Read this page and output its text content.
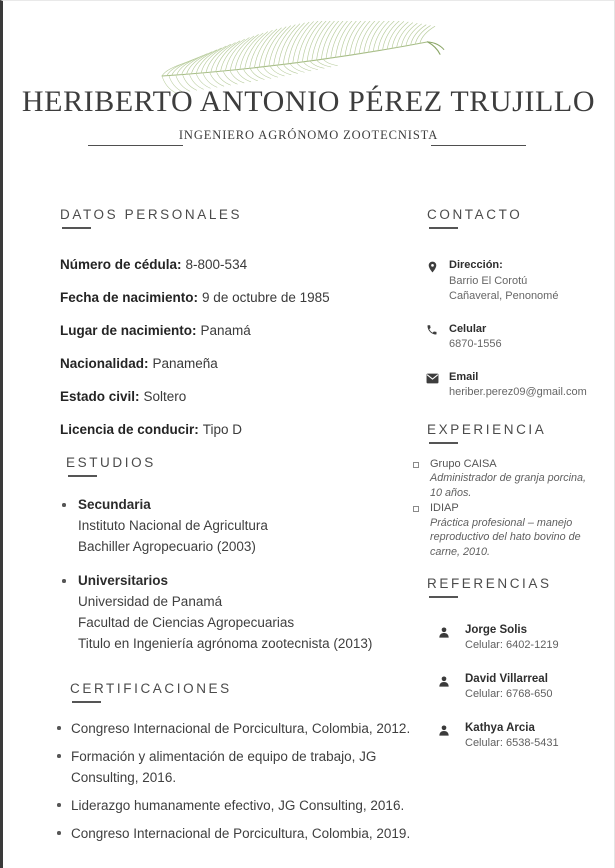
HERIBERTO ANTONIO PÉREZ TRUJILLO
INGENIERO AGRÓNOMO ZOOTECNISTA
DATOS PERSONALES
Número de cédula: 8-800-534
Fecha de nacimiento: 9 de octubre de 1985
Lugar de nacimiento: Panamá
Nacionalidad: Panameña
Estado civil: Soltero
Licencia de conducir: Tipo D
ESTUDIOS
Secundaria
Instituto Nacional de Agricultura
Bachiller Agropecuario (2003)
Universitarios
Universidad de Panamá
Facultad de Ciencias Agropecuarias
Titulo en Ingeniería agrónoma zootecnista (2013)
CERTIFICACIONES
Congreso Internacional de Porcicultura, Colombia, 2012.
Formación y alimentación de equipo de trabajo, JG Consulting, 2016.
Liderazgo humanamente efectivo, JG Consulting, 2016.
Congreso Internacional de Porcicultura, Colombia, 2019.
CONTACTO
Dirección:
Barrio El Corotú
Cañaveral, Penonomé
Celular
6870-1556
Email
heriber.perez09@gmail.com
EXPERIENCIA
Grupo CAISA
Administrador de granja porcina, 10 años.
IDIAP
Práctica profesional – manejo reproductivo del hato bovino de carne, 2010.
REFERENCIAS
Jorge Solis
Celular: 6402-1219
David Villarreal
Celular: 6768-650
Kathya Arcia
Celular: 6538-5431
